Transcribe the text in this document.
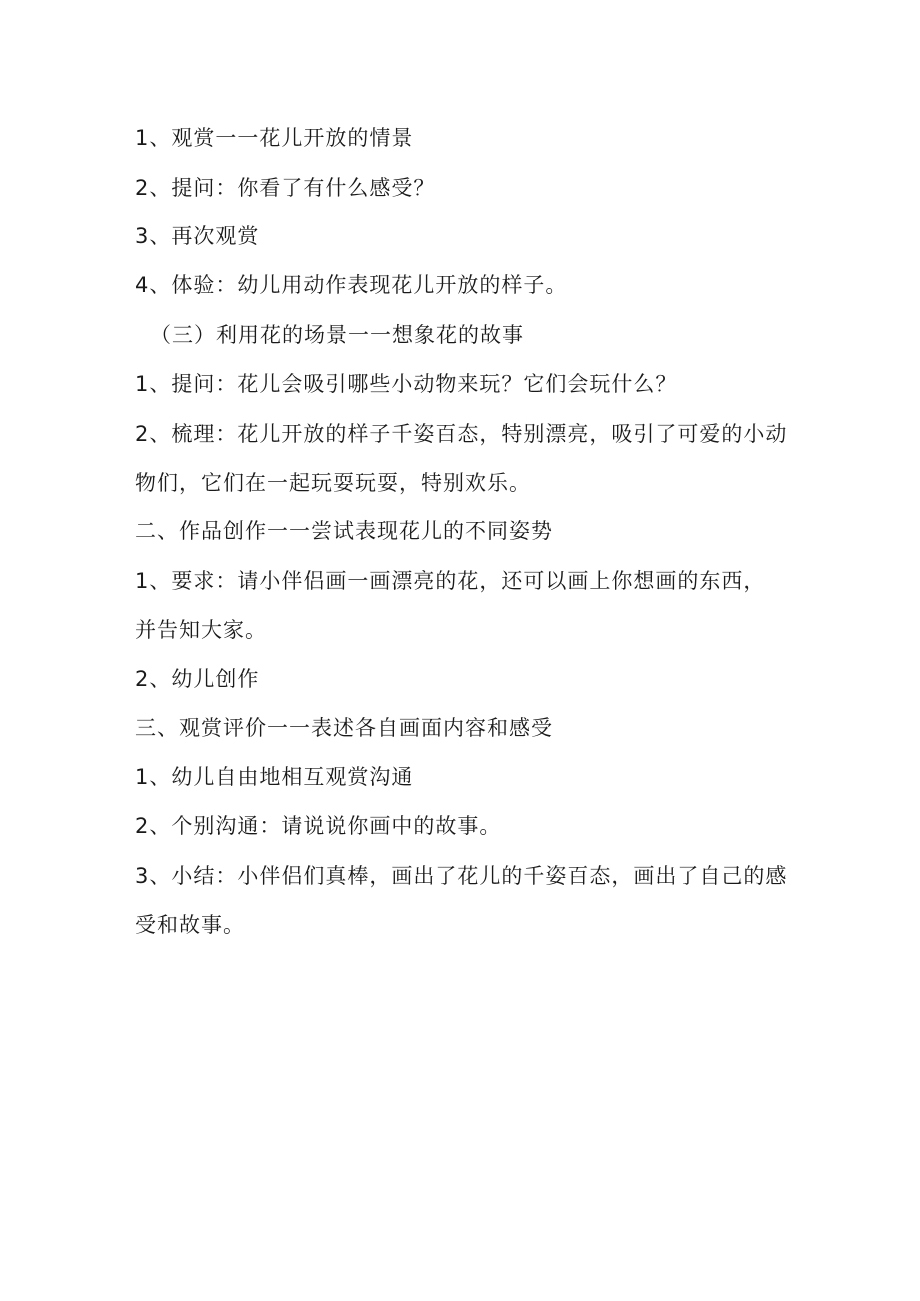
1、观赏一一花儿开放的情景
2、提问：你看了有什么感受？
3、再次观赏
4、体验：幼儿用动作表现花儿开放的样子。
（三）利用花的场景一一想象花的故事
1、提问：花儿会吸引哪些小动物来玩？它们会玩什么？
2、梳理：花儿开放的样子千姿百态，特别漂亮，吸引了可爱的小动
物们，它们在一起玩耍玩耍，特别欢乐。
二、作品创作一一尝试表现花儿的不同姿势
1、要求：请小伴侣画一画漂亮的花，还可以画上你想画的东西，
并告知大家。
2、幼儿创作
三、观赏评价一一表述各自画面内容和感受
1、幼儿自由地相互观赏沟通
2、个别沟通：请说说你画中的故事。
3、小结：小伴侣们真棒，画出了花儿的千姿百态，画出了自己的感
受和故事。
